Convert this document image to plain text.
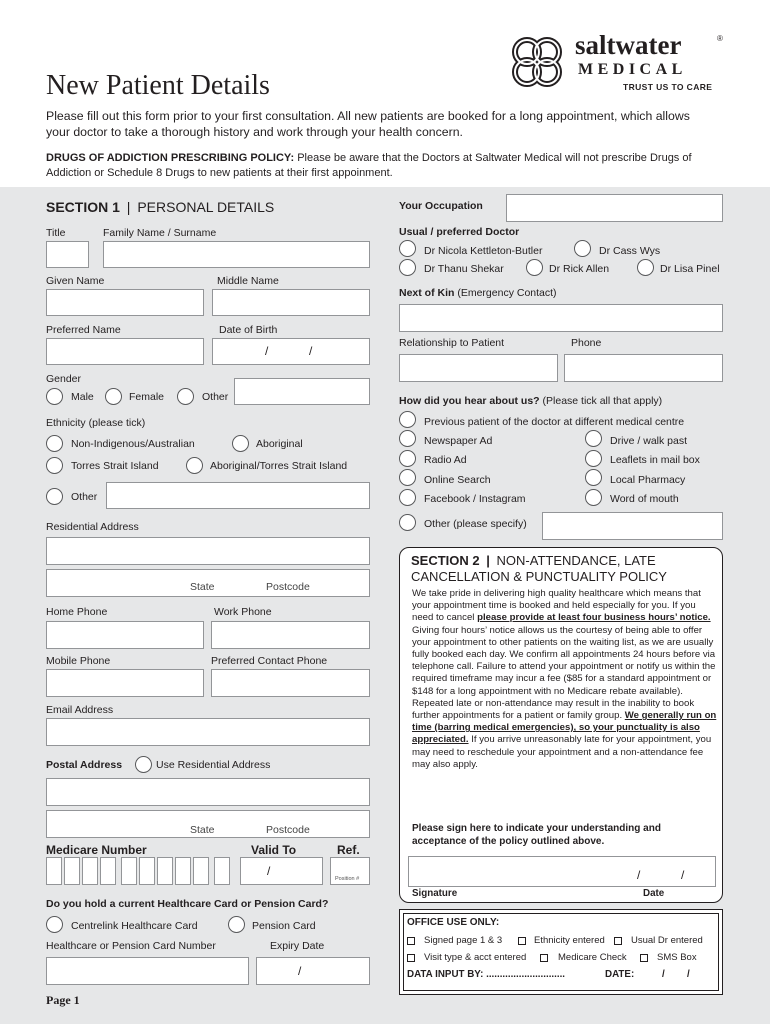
New Patient Details
saltwater	®
MEDICAL
TRUST US TO CARE
Please fill out this form prior to your first consultation. All new patients are booked for a long appointment, which allows your doctor to take a thorough history and work through your health concern.
DRUGS OF ADDICTION PRESCRIBING POLICY: Please be aware that the Doctors at Saltwater Medical will not prescribe Drugs of Addiction or Schedule 8 Drugs to new patients at their first appoinment.
SECTION 1 | PERSONAL DETAILS
Title	Family Name / Surname
Given Name	Middle Name
Preferred Name	Date of Birth
/	/
Gender
Male	Female	Other
Ethnicity (please tick)
Non-Indigenous/Australian	Aboriginal
Torres Strait Island	Aboriginal/Torres Strait Island
Other
Residential Address
State	Postcode
Home Phone	Work Phone
Mobile Phone	Preferred Contact Phone
Email Address
Postal Address	Use Residential Address
State	Postcode
Medicare Number	Valid To	Ref.
/
Position #
Do you hold a current Healthcare Card or Pension Card?
Centrelink Healthcare Card	Pension Card
Healthcare or Pension Card Number	Expiry Date
/
Page 1
Your Occupation
Usual / preferred Doctor
Dr Nicola Kettleton-Butler	Dr Cass Wys
Dr Thanu Shekar	Dr Rick Allen	Dr Lisa Pinel
Next of Kin (Emergency Contact)
Relationship to Patient	Phone
How did you hear about us? (Please tick all that apply)
Previous patient of the doctor at different medical centre
Newspaper Ad	Drive / walk past
Radio Ad	Leaflets in mail box
Online Search	Local Pharmacy
Facebook / Instagram	Word of mouth
Other (please specify)
SECTION 2 | NON-ATTENDANCE, LATE CANCELLATION & PUNCTUALITY POLICY
We take pride in delivering high quality healthcare which means that your appointment time is booked and held especially for you. If you need to cancel please provide at least four business hours’ notice. Giving four hours’ notice allows us the courtesy of being able to offer your appointment to other patients on the waiting list, as we are usually fully booked each day. We confirm all appointments 24 hours before via telephone call. Failure to attend your appointment or notify us within the required timeframe may incur a fee ($85 for a standard appointment or $148 for a long appointment with no Medicare rebate available). Repeated late or non-attendance may result in the inability to book further appointments for a patient or family group. We generally run on time (barring medical emergencies), so your punctuality is also appreciated. If you arrive unreasonably late for your appointment, you may need to reschedule your appointment and a non-attendance fee may also apply.
Please sign here to indicate your understanding and acceptance of the policy outlined above.
/	/
Signature	Date
OFFICE USE ONLY:
Signed page 1 & 3	Ethnicity entered	Usual Dr entered
Visit type & acct entered	Medicare Check	SMS Box
DATA INPUT BY: .............................	DATE:	/ /
